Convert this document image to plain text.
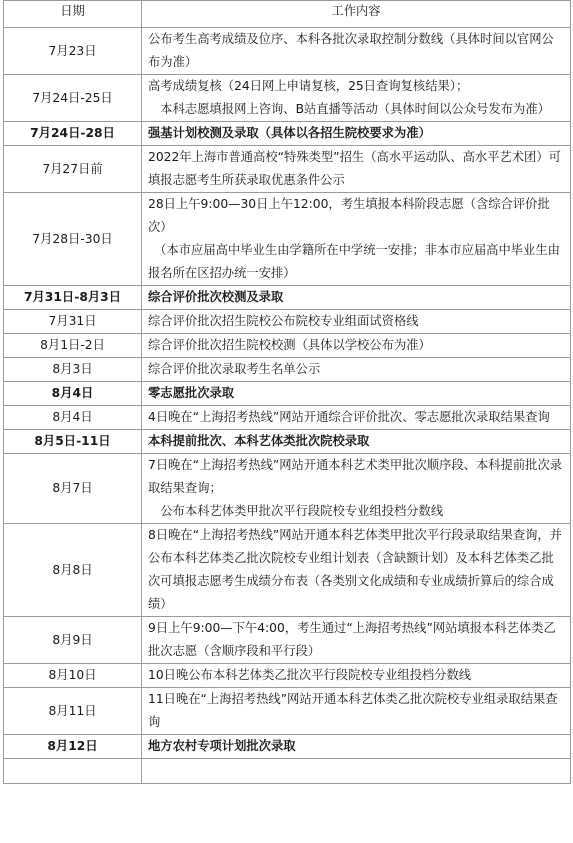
日期	工作内容
7月23日	公布考生高考成绩及位序、本科各批次录取控制分数线（具体时间以官网公布为准）
7月24日-25日	高考成绩复核（24日网上申请复核，25日查询复核结果）；
　本科志愿填报网上咨询、B站直播等活动（具体时间以公众号发布为准）

7月24日-28日	强基计划校测及录取（具体以各招生院校要求为准）
7月27日前	2022年上海市普通高校“特殊类型”招生（高水平运动队、高水平艺术团）可填报志愿考生所获录取优惠条件公示
7月28日-30日	28日上午9:00—30日上午12:00，考生填报本科阶段志愿（含综合评价批次）
　（本市应届高中毕业生由学籍所在中学统一安排；非本市应届高中毕业生由报名所在区招办统一安排）

7月31日-8月3日	综合评价批次校测及录取
7月31日	综合评价批次招生院校公布院校专业组面试资格线
8月1日-2日	综合评价批次招生院校校测（具体以学校公布为准）
8月3日	综合评价批次录取考生名单公示
8月4日	零志愿批次录取
8月4日	4日晚在“上海招考热线”网站开通综合评价批次、零志愿批次录取结果查询
8月5日-11日	本科提前批次、本科艺体类批次院校录取
8月7日	7日晚在“上海招考热线”网站开通本科艺术类甲批次顺序段、本科提前批次录取结果查询；
　公布本科艺体类甲批次平行段院校专业组投档分数线

8月8日	8日晚在“上海招考热线”网站开通本科艺体类甲批次平行段录取结果查询，并公布本科艺体类乙批次院校专业组计划表（含缺额计划）及本科艺体类乙批次可填报志愿考生成绩分布表（各类别文化成绩和专业成绩折算后的综合成绩）
8月9日	9日上午9:00—下午4:00，考生通过“上海招考热线”网站填报本科艺体类乙批次志愿（含顺序段和平行段）
8月10日	10日晚公布本科艺体类乙批次平行段院校专业组投档分数线
8月11日	11日晚在“上海招考热线”网站开通本科艺体类乙批次院校专业组录取结果查询
8月12日	地方农村专项计划批次录取
